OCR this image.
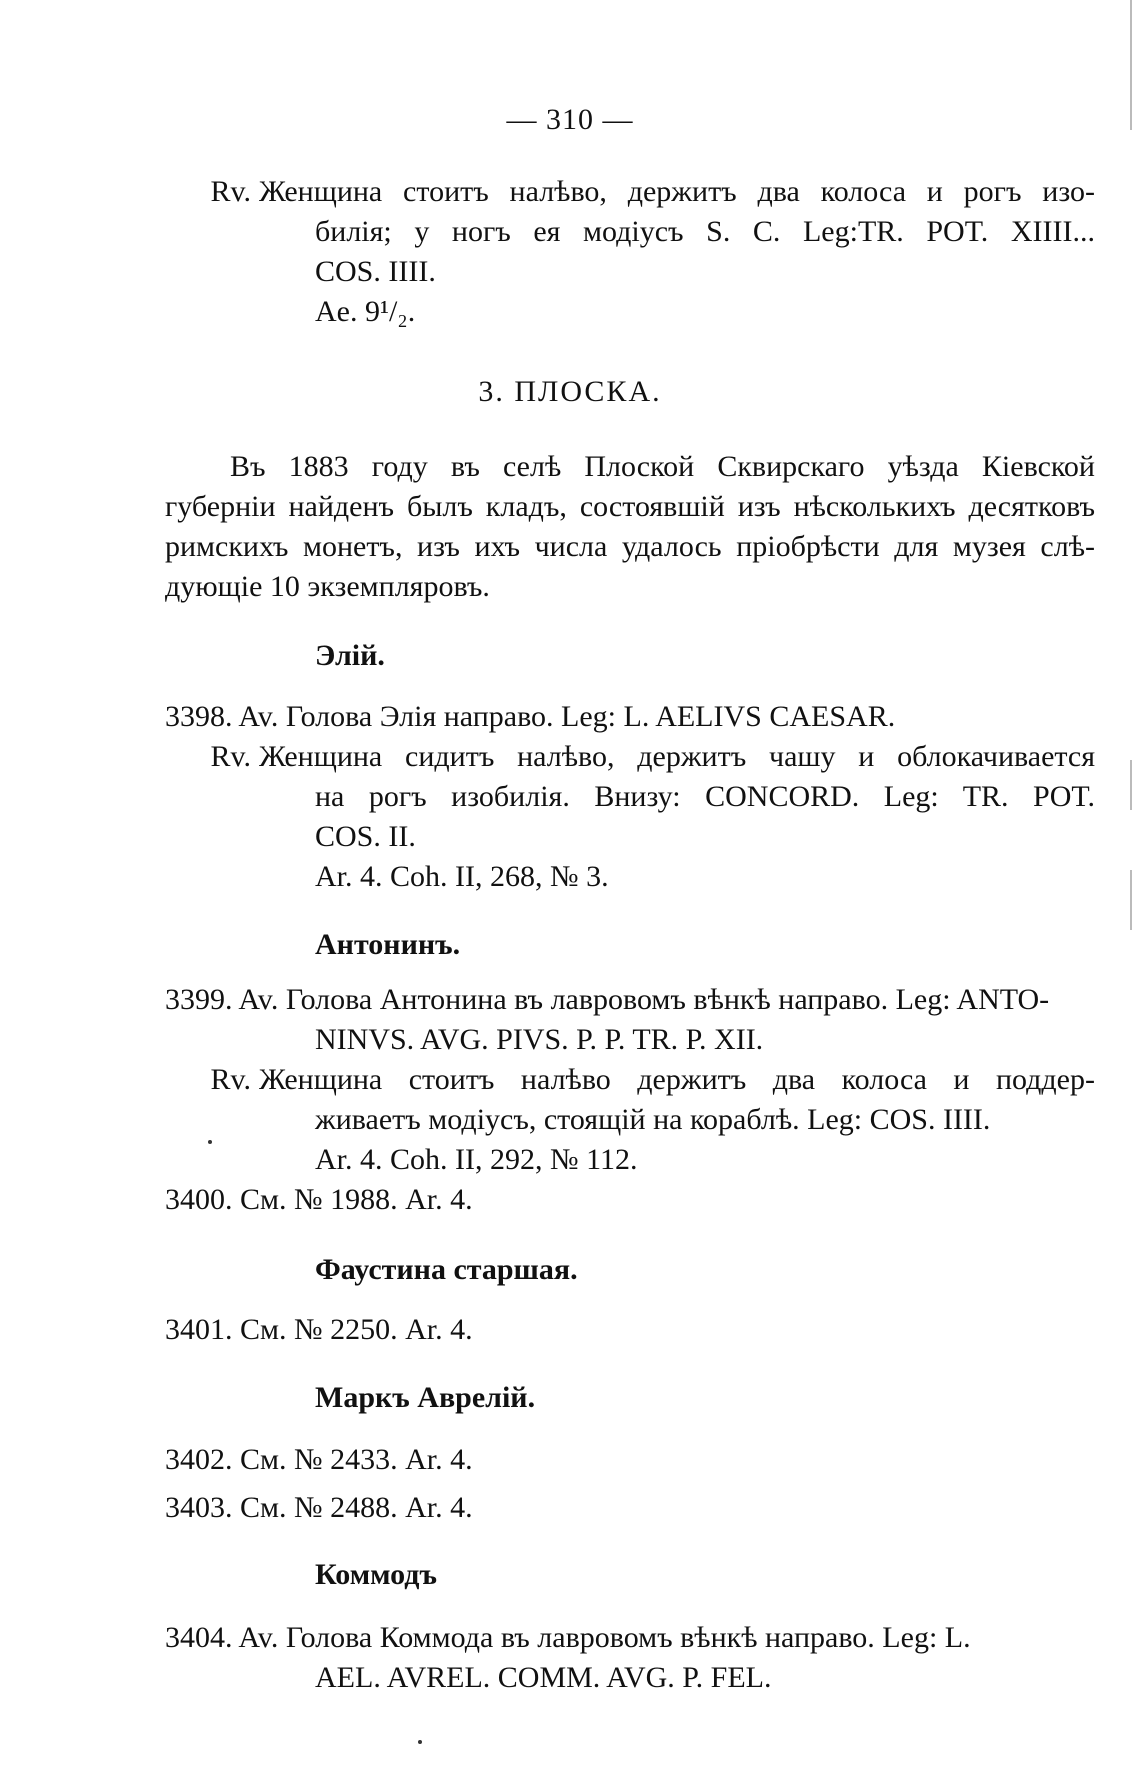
— 310 —
Rv. Женщина стоитъ налѣво, держитъ два колоса и рогъ изо-
билія; у ногъ ея модіусъ S. C. Leg:TR. POT. XIIII...
COS. IIII.
Ae. 9¹/₂.
3. ПЛОСКА.
Въ 1883 году въ селѣ Плоской Сквирскаго уѣзда Кіевской
губерніи найденъ былъ кладъ, состоявшій изъ нѣсколькихъ десятковъ
римскихъ монетъ, изъ ихъ числа удалось пріобрѣсти для музея слѣ-
дующіе 10 экземпляровъ.
Элій.
3398. Av. Голова Элія направо. Leg: L. AELIVS CAESAR.
Rv. Женщина сидитъ налѣво, держитъ чашу и облокачивается
на рогъ изобилія. Внизу: CONCORD. Leg: TR. POT.
COS. II.
Ar. 4. Coh. II, 268, № 3.
Антонинъ.
3399. Av. Голова Антонина въ лавровомъ вѣнкѣ направо. Leg: ANTO-
NINVS. AVG. PIVS. P. P. TR. P. XII.
Rv. Женщина стоитъ налѣво держитъ два колоса и поддер-
живаетъ модіусъ, стоящій на кораблѣ. Leg: COS. IIII.
Ar. 4. Coh. II, 292, № 112.
3400. См. № 1988. Ar. 4.
Фаустина старшая.
3401. См. № 2250. Ar. 4.
Маркъ Аврелій.
3402. См. № 2433. Ar. 4.
3403. См. № 2488. Ar. 4.
Коммодъ
3404. Av. Голова Коммода въ лавровомъ вѣнкѣ направо. Leg: L.
AEL. AVREL. COMM. AVG. P. FEL.
